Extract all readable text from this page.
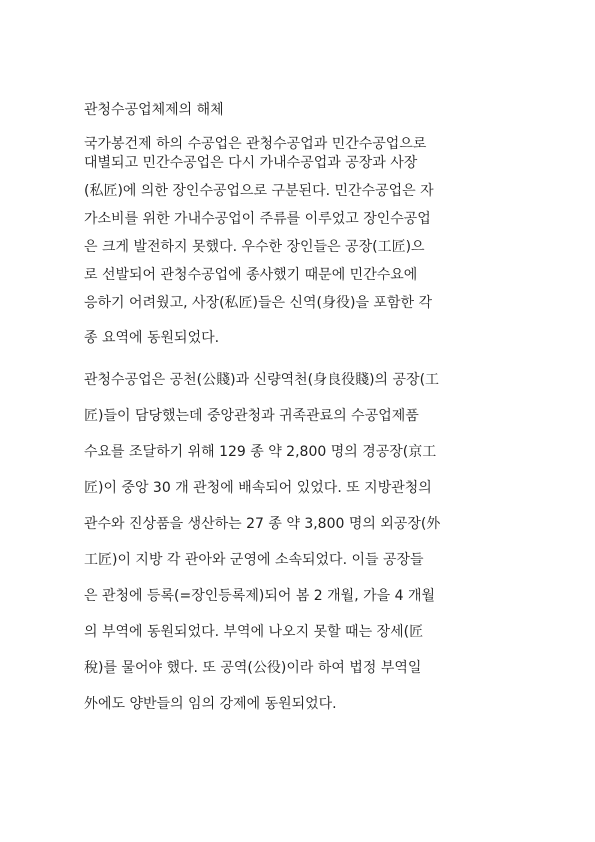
관청수공업체제의 해체
국가봉건제 하의 수공업은 관청수공업과 민간수공업으로
대별되고 민간수공업은 다시 가내수공업과 공장과 사장
(私匠)에 의한 장인수공업으로 구분된다. 민간수공업은 자
가소비를 위한 가내수공업이 주류를 이루었고 장인수공업
은 크게 발전하지 못했다. 우수한 장인들은 공장(工匠)으
로 선발되어 관청수공업에 종사했기 때문에 민간수요에
응하기 어려웠고, 사장(私匠)들은 신역(身役)을 포함한 각
종 요역에 동원되었다.
관청수공업은 공천(公賤)과 신량역천(身良役賤)의 공장(工
匠)들이 담당했는데 중앙관청과 귀족관료의 수공업제품
수요를 조달하기 위해 129 종 약 2,800 명의 경공장(京工
匠)이 중앙 30 개 관청에 배속되어 있었다. 또 지방관청의
관수와 진상품을 생산하는 27 종 약 3,800 명의 외공장(外
工匠)이 지방 각 관아와 군영에 소속되었다. 이들 공장들
은 관청에 등록(=장인등록제)되어 봄 2 개월, 가을 4 개월
의 부역에 동원되었다. 부역에 나오지 못할 때는 장세(匠
稅)를 물어야 했다. 또 공역(公役)이라 하여 법정 부역일
外에도 양반들의 임의 강제에 동원되었다.
